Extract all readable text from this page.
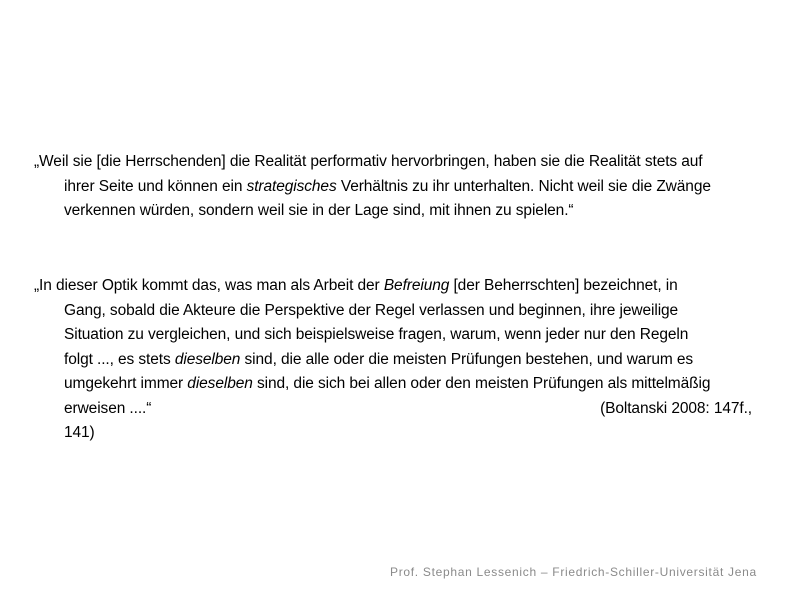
„Weil sie [die Herrschenden] die Realität performativ hervorbringen, haben sie die Realität stets auf
ihrer Seite und können ein strategisches Verhältnis zu ihr unterhalten. Nicht weil sie die Zwänge
verkennen würden, sondern weil sie in der Lage sind, mit ihnen zu spielen.“
„In dieser Optik kommt das, was man als Arbeit der Befreiung [der Beherrschten] bezeichnet, in
Gang, sobald die Akteure die Perspektive der Regel verlassen und beginnen, ihre jeweilige
Situation zu vergleichen, und sich beispielsweise fragen, warum, wenn jeder nur den Regeln
folgt ..., es stets dieselben sind, die alle oder die meisten Prüfungen bestehen, und warum es
umgekehrt immer dieselben sind, die sich bei allen oder den meisten Prüfungen als mittelmäßig
erweisen ....“
141)
(Boltanski 2008: 147f.,
Prof. Stephan Lessenich – Friedrich-Schiller-Universität Jena
